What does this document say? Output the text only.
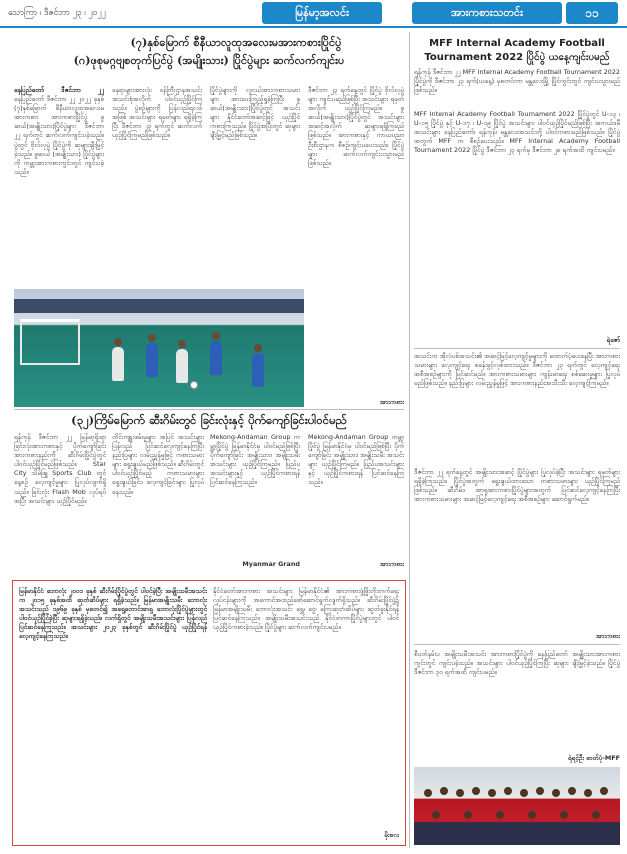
သောကြာ ၊ ဒီဇင်ဘာ ၂၃ ၊ ၂၀၂၂	မြန်မာ့အလင်း	အားကစားသတင်း	၁၁
(၇)နှစ်မြောက် စီနီယာလူထုအလေးမအားကစားပြိုင်ပွဲ
(ဂ)ဖုစုမဂ္ဂဗျစတုက်ပြင်ပွဲ (အမျိုးသား) ပြိုင်ပွဲများ ဆက်လက်ကျင်းပ
နေပြည်တော် ဒီဇင်ဘာ ၂၂ နေပြည်တော် ဒီဇင်ဘာ ၂၂ ၂၀၂၂ ခုနှစ် (၇)နှစ်မြောက် စီနီယာလူထုအလေးမအားကစား အားကစားပြိုင်ပွဲ ဖူဆယ်(အမျိုးသား)ပြိုင်ပွဲများ ဒီဇင်ဘာ ၂၂ ရက်တွင် ဆက်လက်ကျင်းပခဲ့သည်။ ပွဲတွင် ဗိုလ်လုပွဲ ပြိုင်ပွဲကို ဆုများချီးမြှင့်ခဲ့သည်။ ဖူဆယ် (အမျိုးသား) ပြိုင်ပွဲများကို ကမ္ဘာ့အားကစားကွင်းတွင် ကျင်းပခဲ့သည်။
နေရာများအားလုံး ဝန်ကြီးဌာနအသင်း အသင်းစုံအလိုက် ပါဝင်ယှဉ်ပြိုင်ကြသည်။ ပွဲစဉ်များကို ပြန်လည်ရလဒ်အဖြစ် အသင်းများ ရမှတ်များ ရရှိခဲ့ကြပြီး ဒီဇင်ဘာ ၂၃ ရက်တွင် ဆက်လက်ယှဉ်ပြိုင်ကြမည်ဖြစ်သည်။
ပြိုင်ပွဲများကို လူငယ်အားကစားသမားများ အားပေးကြည့်ရှုခဲ့ကြပြီး ဖူဆယ်(အမျိုးသား)ပြိုင်ပွဲတွင် အသင်းများ နိုင်ငံတော်အဆင့်ဖြင့် ယှဉ်ပြိုင်ကစားကြသည်။ ပြိုင်ပွဲအပြီးတွင် ဆုများ ချီးမြှင့်မည်ဖြစ်သည်။
ဒီဇင်ဘာ ၂၃ ရက်နေ့တွင် ပြိုင်ပွဲ ဗိုလ်လုပွဲများ ကျင်းပမည်ဖြစ်ပြီး အသင်းများ ရမှတ်အလိုက် ယှဉ်ပြိုင်ကြမည်။ ဖူဆယ်(အမျိုးသား)ပြိုင်ပွဲတွင် အသင်းများ အဆင့်အလိုက် ဆုများရရှိကြမည်ဖြစ်သည်။ အားကစားနှင့် ကာယပညာဦးစီးဌာနက စီစဉ်ကျင်းပပေးသည်။ ပြိုင်ပွဲများ ဆက်လက်ကျင်းပသွားမည် ဖြစ်သည်။
အားကစား
(၃၂)ကြိမ်မြောက် ဆီးဂိမ်းတွင် ခြင်းလုံးနှင့် ပိုက်ကျော်ခြင်းပါဝင်မည်
ရန်ကုန် ဒီဇင်ဘာ ၂၂ မြန်မာ့ရိုးရာ ခြင်းလုံးအားကစားနှင့် ပိုက်ကျော်ခြင်းအားကစားနည်းကို ဆီးဂိမ်းပြိုင်ပွဲတွင် ပါဝင်ယှဉ်ပြိုင်မည်ဖြစ်သည်။ Star City သိမ်ဖြူ Sports Club တွင် နေ့စဉ် လေ့ကျင့်မှုများ ပြုလုပ်လျက်ရှိသည်။ ခြင်းလုံး Flash Mob လုပ်ရပ်အပြီး အသင်းများ ယှဉ်ပြိုင်မည်။
တိုင်းကျူးဖမ်းမှုများ အပြင် အသင်းများ ပြန်လည် ပြင်ဆင်လေ့ကျင့်နေကြပြီး နည်းပြများ လမ်းညွှန်မှုဖြင့် ကစားသမားများ ရွေးချယ်မည်ဖြစ်သည်။ ဆီးဂိမ်းတွင် ပါဝင်ယှဉ်ပြိုင်မည့် ကစားသမားများ ရွေးချယ်ခြင်း၊ လေ့ကျင့်ခြင်းများ ပြုလုပ်နေသည်။
Mekong-Andaman Group ကမ္ဘာ့ပြိုင်ပွဲ မြန်မာနိုင်ငံမှ ပါဝင်မည်ဖြစ်ပြီး ပိုက်ကျော်ခြင်း အမျိုးသား၊ အမျိုးသမီး အသင်းများ ယှဉ်ပြိုင်ကြမည်။ ပြည်ပအသင်းများနှင့် ယှဉ်ပြိုင်ကစားရန် ပြင်ဆင်နေကြသည်။
Mekong-Andaman Group ကမ္ဘာ့ပြိုင်ပွဲ မြန်မာနိုင်ငံမှ ပါဝင်မည်ဖြစ်ပြီး ပိုက်ကျော်ခြင်း အမျိုးသား၊ အမျိုးသမီး အသင်းများ ယှဉ်ပြိုင်ကြမည်။ ပြည်ပအသင်းများနှင့် ယှဉ်ပြိုင်ကစားရန် ပြင်ဆင်နေကြသည်။
Myanmar Grand	အားကစား
မြန်မာနိုင်ငံ ဘောလုံး ၂၀၀၁ ခုနှစ် ဆီးဂိမ်းပြိုင်ပွဲတွင် ပါဝင်ခဲ့ပြီး အမျိုးသမီးအသင်းက ၂၀၁၅ ခုနှစ်အထိ ဆုတံဆိပ်များ ရရှိခဲ့သည်။ မြန်မာအမျိုးသမီး ဘောလုံးအသင်းသည် ၁၉၆၉ ခုနှစ် မှစတင်၍ အရှေ့တောင်အာရှ ဘောလုံးပြိုင်ပွဲများတွင် ပါဝင်ယှဉ်ပြိုင်ခဲ့ပြီး ဆုများရရှိခဲ့သည်။ လက်ရှိတွင် အမျိုးသမီးအသင်းများ ပြန်လည်ပြင်ဆင်နေကြသည်။ အသင်းများ ၂၀၂၃ ခုနှစ်တွင် ဆီးဂိမ်းပြိုင်ပွဲ ယှဉ်ပြိုင်ရန် လေ့ကျင့်နေကြသည်။
နိုင်ငံတော်အားကစား အသင်းများ မြန်မာနိုင်ငံ၏ အားကစားဖွံ့ဖြိုးတိုးတက်ရေး လုပ်ငန်းများကို အကောင်အထည်ဖော်ဆောင်ရွက်လျက်ရှိသည်။ ဆီးဂိမ်းပြိုင်ပွဲ၌ မြန်မာအမျိုးသမီး ဘောလုံးအသင်း ရွှေ၊ ငွေ၊ ကြေးဆုတံဆိပ်များ ဆွတ်ခူးနိုင်ရန် ပြင်ဆင်နေကြသည်။ အမျိုးသမီးအသင်းသည် နိုင်ငံတကာပြိုင်ပွဲများတွင် ပါဝင်ယှဉ်ပြိုင်ကစားခဲ့သည်။ ပြိုင်ပွဲများ ဆက်လက်ကျင်းပမည်။
မိုးစလ
MFF Internal Academy Football Tournament 2022 ပြိုင်ပွဲ ယနေ့ကျင်းပမည်
ရန်ကုန် ဒီဇင်ဘာ ၂၂ MFF Internal Academy Football Tournament 2022 ပြိုင်ပွဲကို ဒီဇင်ဘာ ၂၃ ရက်(ယနေ့) မှစတင်ကာ မန္တလေးမြို့ ပြိုင်ကွင်းတွင် ကျင်းပသွားမည်ဖြစ်သည်။
MFF Internal Academy Football Tournament 2022 ပြိုင်ပွဲတွင် U-၁၃ ၊ U-၁၅ ပြိုင်ပွဲ နှင့် U-၁၇ ၊ U-၁၉ ပြိုင်ပွဲ အသင်းများ ပါဝင်ယှဉ်ပြိုင်မည်ဖြစ်ပြီး အကယ်ဒမီ အသင်းများ နေပြည်တော်၊ ရန်ကုန်၊ မန္တလေးအသင်းတို့ ပါဝင်ကစားမည်ဖြစ်သည်။ ပြိုင်ပွဲအတွက် MFF က စီစဉ်ပေးသည်။ MFF Internal Academy Football Tournament 2022 ပြိုင်ပွဲ ဒီဇင်ဘာ ၂၃ ရက်မှ ဒီဇင်ဘာ ၂၈ ရက်အထိ ကျင်းပမည်။
ရဲဇော်
အသင်းက အိုလံပစ်အသင်း၏ အဆင့်မြင့်လေ့ကျင့်မှုများကို ထောက်ပံ့ပေးနေပြီး အားကစားသမားများ လေ့ကျင့်ရေး စခန်းဖွင့်လှစ်ထားသည်။ ဒီဇင်ဘာ ၂၃ ရက်တွင် လေ့ကျင့်ရေး အစီအစဉ်များကို ပြင်ဆင်မည်။ အားကစားသမားများ ကျန်းမာရေး စစ်ဆေးမှုများ ပြုလုပ်မည်ဖြစ်သည်။ နည်းပြများ လမ်းညွှန်မှုဖြင့် အားကစားနည်းအသီးသီး လေ့ကျင့်ကြမည်။
ဒီဇင်ဘာ ၂၂ ရက်နေ့တွင် အမျိုးသားအဆင့် ပြိုင်ပွဲများ ပြုလုပ်ခဲ့ပြီး အသင်းများ ရမှတ်များ ရရှိခဲ့ကြသည်။ ပြိုင်ပွဲအတွက် ရွေးချယ်ထားသော ကစားသမားများ ယှဉ်ပြိုင်ကြမည်ဖြစ်သည်။ ဆီးဂိမ်း၊ အာရှအားကစားပြိုင်ပွဲများအတွက် ပြင်ဆင်လေ့ကျင့်နေကြပြီး အားကစားသမားများ အဆင့်မြင့်လေ့ကျင့်ရေး အစီအစဉ်များ ဆောင်ရွက်မည်။
အားကစား
စီပတ်နမ်းပ အမျိုးသမီးအသင်း အားကစားပြိုင်ပွဲကို နေပြည်တော် အမျိုးသားအားကစားကွင်းတွင် ကျင်းပခဲ့သည်။ အသင်းများ ပါဝင်ယှဉ်ပြိုင်ကြပြီး ဆုများ ချီးမြှင့်ခဲ့သည်။ ပြိုင်ပွဲ ဒီဇင်ဘာ ၃၀ ရက်အထိ ကျင်းပမည်။
ရဲရင့်ဦး ဓာတ်ပုံ-MFF
